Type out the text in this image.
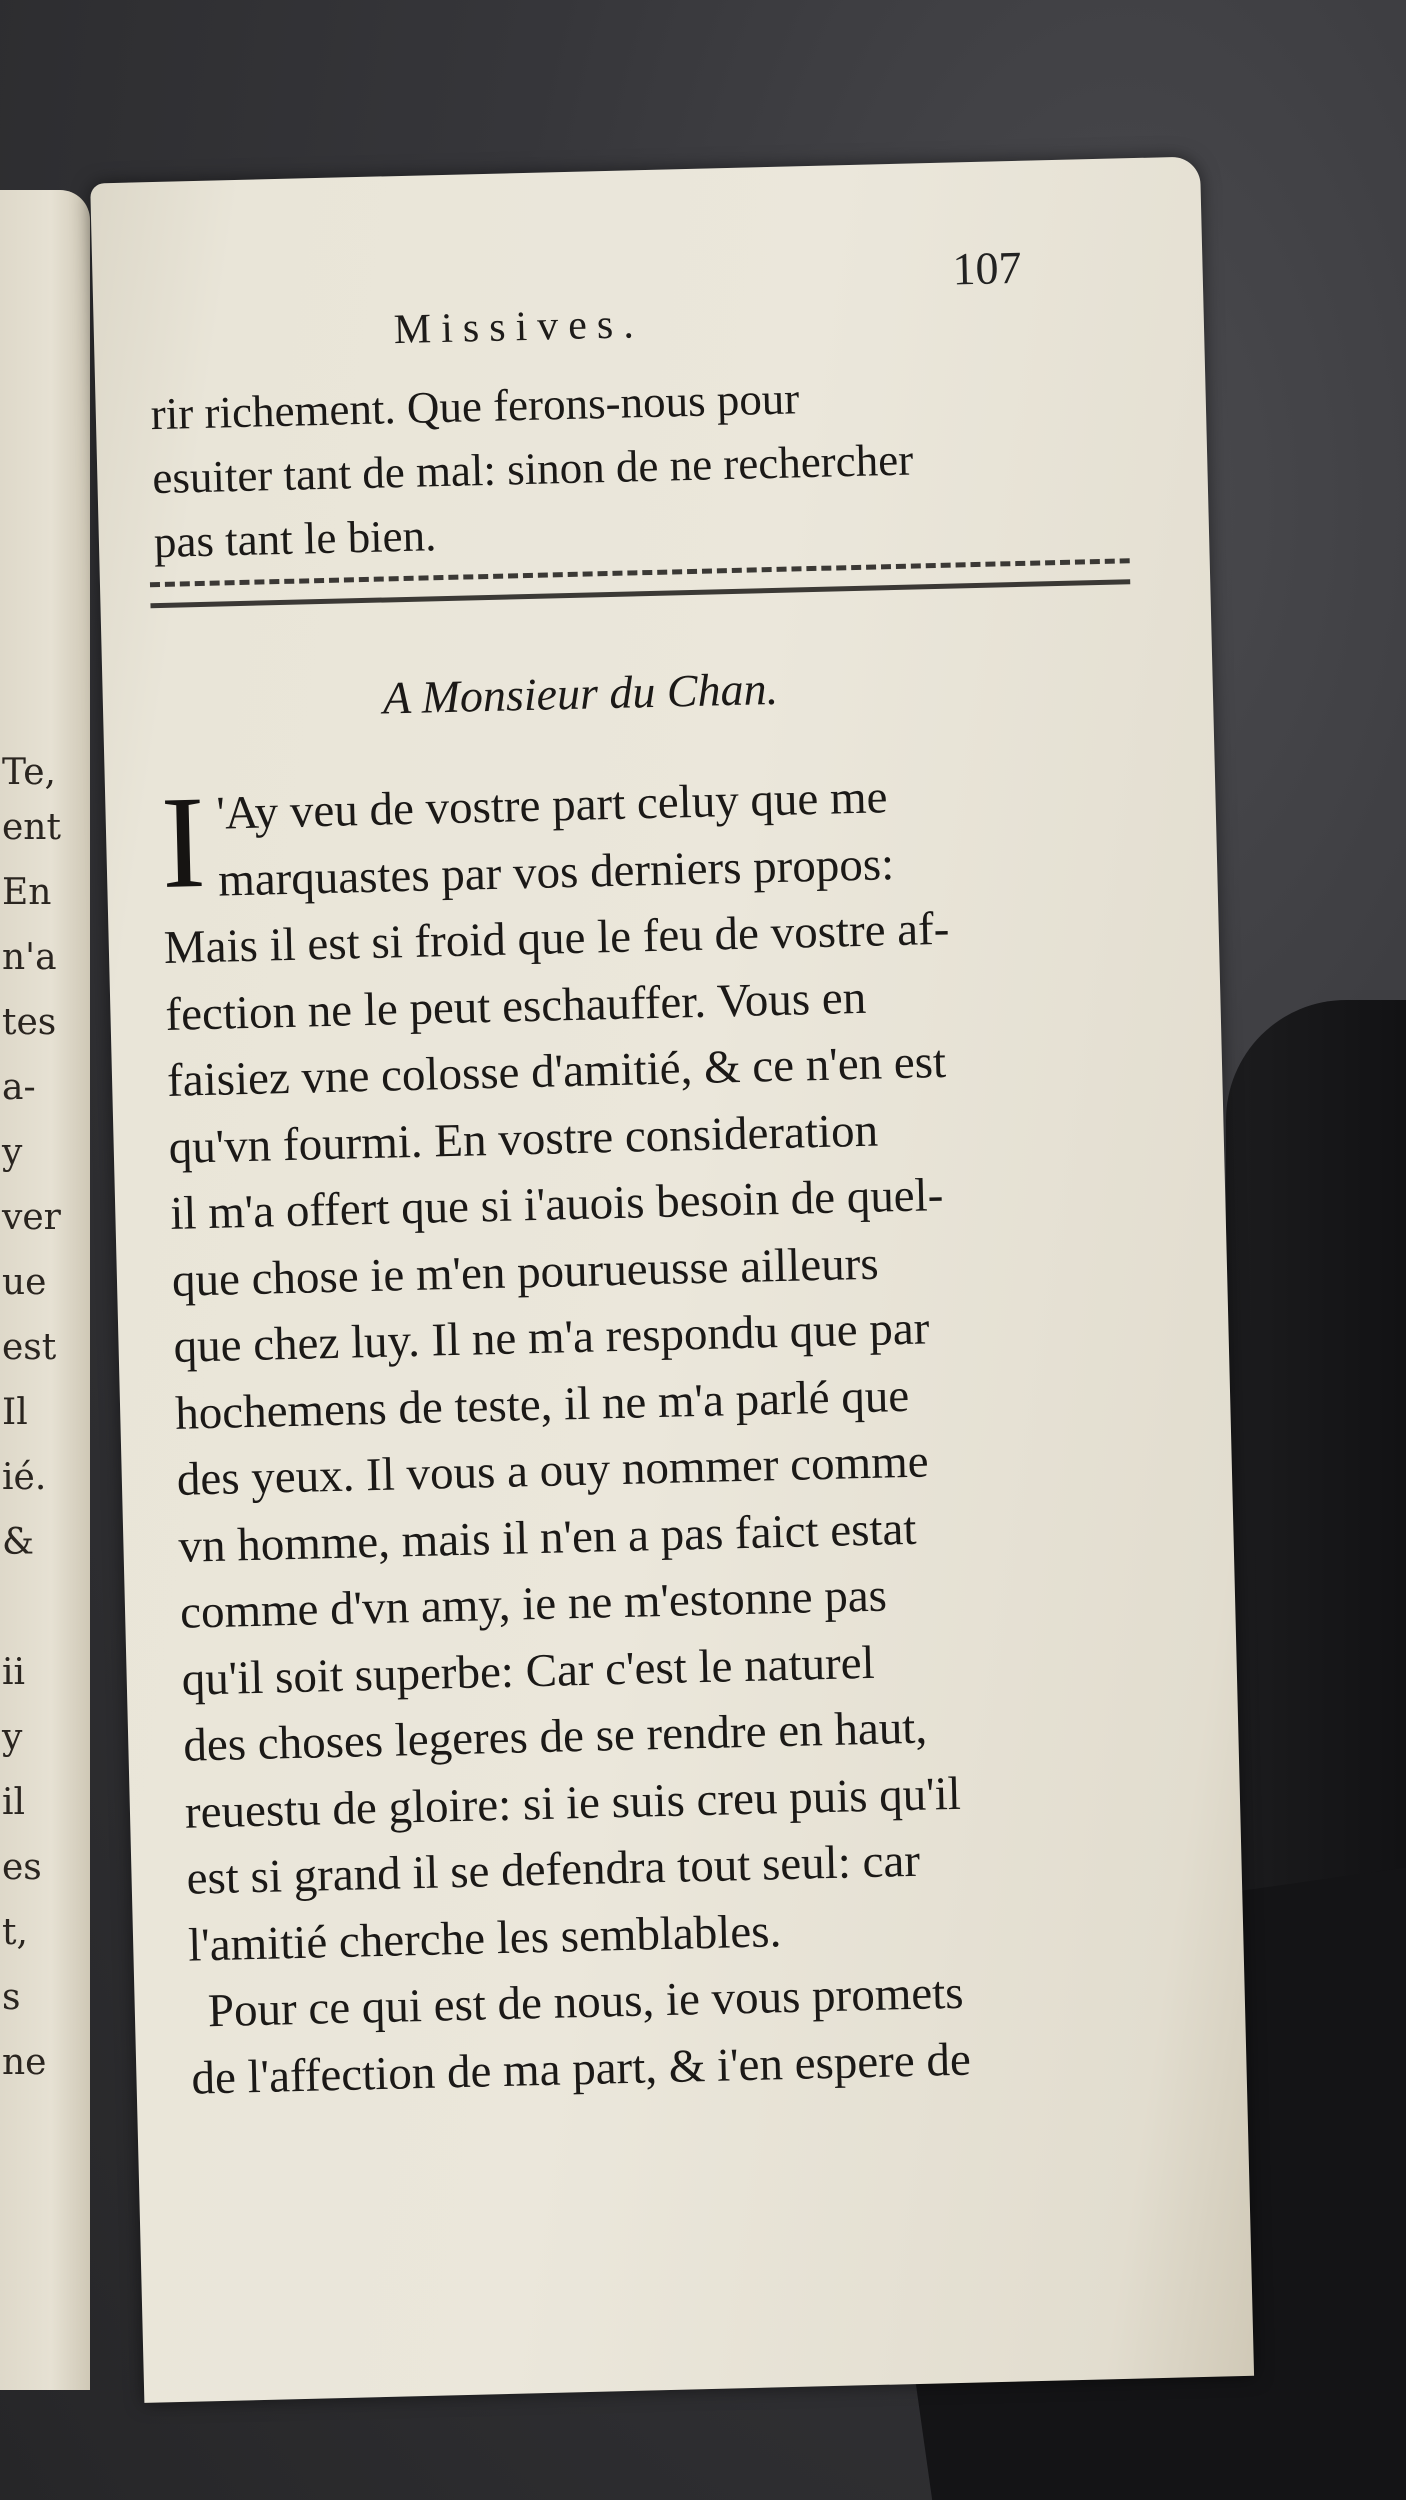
Te,
ent
En
n'a
tes
a-
y
ver
ue
est
Il
ié.
&
ii
y
il
es
t,
s
ne
107
Missives.
rir richement. Que ferons-nous pour
esuiter tant de mal: sinon de ne rechercher
pas tant le bien.
A Monsieur du Chan.
I 'Ay veu de vostre part celuy que me
marquastes par vos derniers propos:
Mais il est si froid que le feu de vostre af-
fection ne le peut eschauffer. Vous en
faisiez vne colosse d'amitié, & ce n'en est
qu'vn fourmi. En vostre consideration
il m'a offert que si i'auois besoin de quel-
que chose ie m'en pourueusse ailleurs
que chez luy. Il ne m'a respondu que par
hochemens de teste, il ne m'a parlé que
des yeux. Il vous a ouy nommer comme
vn homme, mais il n'en a pas faict estat
comme d'vn amy, ie ne m'estonne pas
qu'il soit superbe: Car c'est le naturel
des choses legeres de se rendre en haut,
reuestu de gloire: si ie suis creu puis qu'il
est si grand il se defendra tout seul: car
l'amitié cherche les semblables.
Pour ce qui est de nous, ie vous promets
de l'affection de ma part, & i'en espere de
